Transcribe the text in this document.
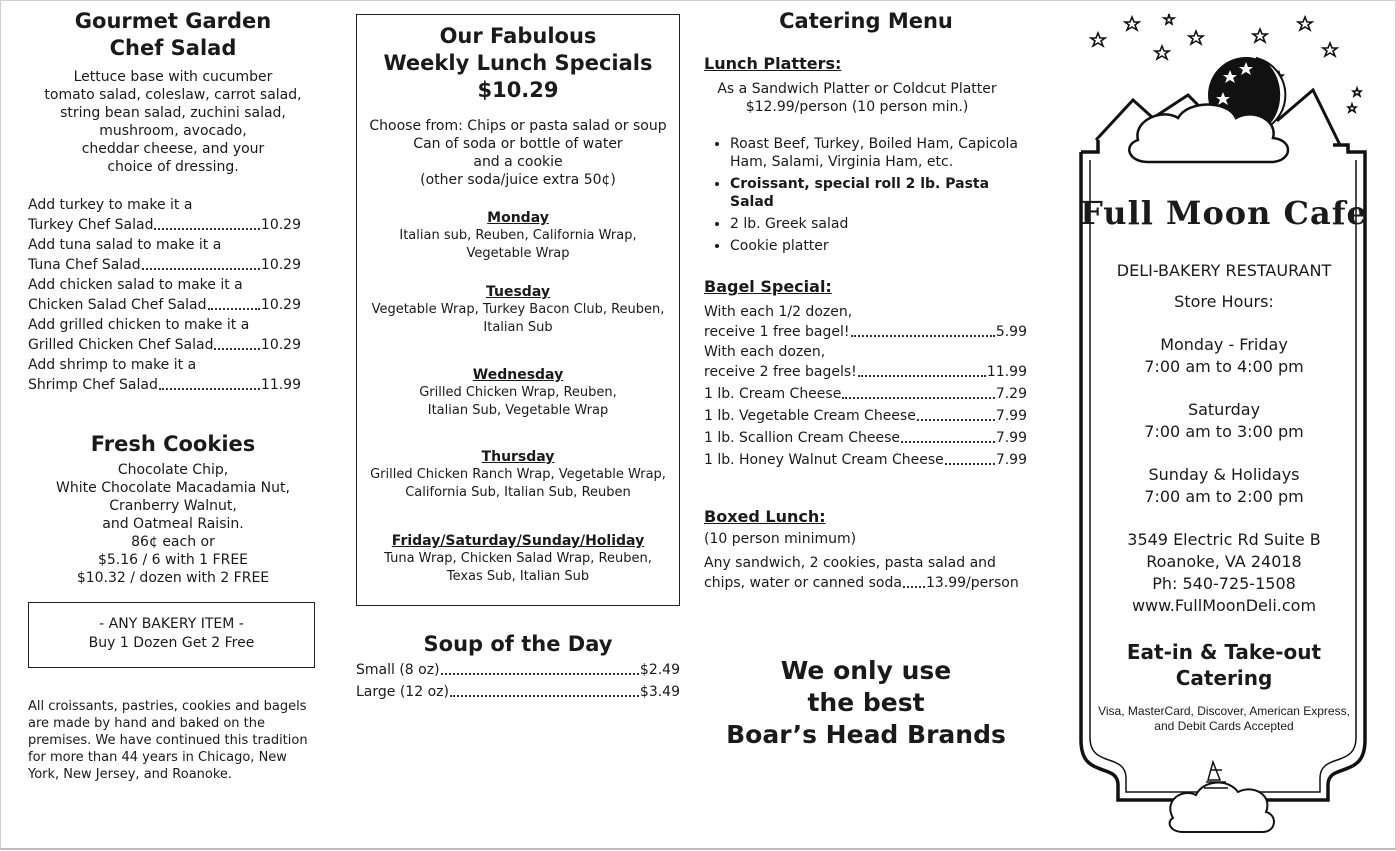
Gourmet Garden
Chef Salad
Lettuce base with cucumber
tomato salad, coleslaw, carrot salad,
string bean salad, zuchini salad,
mushroom, avocado,
cheddar cheese, and your
choice of dressing.
Add turkey to make it a
Turkey Chef Salad	10.29
Add tuna salad to make it a
Tuna Chef Salad	10.29
Add chicken salad to make it a
Chicken Salad Chef Salad	10.29
Add grilled chicken to make it a
Grilled Chicken Chef Salad	10.29
Add shrimp to make it a
Shrimp Chef Salad	11.99
Fresh Cookies
Chocolate Chip,
White Chocolate Macadamia Nut,
Cranberry Walnut,
and Oatmeal Raisin.
86¢ each or
$5.16 / 6 with 1 FREE
$10.32 / dozen with 2 FREE
- ANY BAKERY ITEM -
Buy 1 Dozen Get 2 Free
All croissants, pastries, cookies and bagels
are made by hand and baked on the
premises. We have continued this tradition
for more than 44 years in Chicago, New
York, New Jersey, and Roanoke.
Our Fabulous
Weekly Lunch Specials
$10.29
Choose from: Chips or pasta salad or soup
Can of soda or bottle of water
and a cookie
(other soda/juice extra 50¢)
Monday
Italian sub, Reuben, California Wrap,
Vegetable Wrap
Tuesday
Vegetable Wrap, Turkey Bacon Club, Reuben,
Italian Sub
Wednesday
Grilled Chicken Wrap, Reuben,
Italian Sub, Vegetable Wrap
Thursday
Grilled Chicken Ranch Wrap, Vegetable Wrap,
California Sub, Italian Sub, Reuben
Friday/Saturday/Sunday/Holiday
Tuna Wrap, Chicken Salad Wrap, Reuben,
Texas Sub, Italian Sub
Soup of the Day
Small (8 oz)	$2.49
Large (12 oz)	$3.49
Catering Menu
Lunch Platters:
As a Sandwich Platter or Coldcut Platter
$12.99/person (10 person min.)
• Roast Beef, Turkey, Boiled Ham, Capicola Ham, Salami, Virginia Ham, etc.
• Croissant, special roll 2 lb. Pasta Salad
• 2 lb. Greek salad
• Cookie platter
Bagel Special:
With each 1/2 dozen,
receive 1 free bagel!	5.99
With each dozen,
receive 2 free bagels!	11.99
1 lb. Cream Cheese	7.29
1 lb. Vegetable Cream Cheese	7.99
1 lb. Scallion Cream Cheese	7.99
1 lb. Honey Walnut Cream Cheese	7.99
Boxed Lunch:
(10 person minimum)
Any sandwich, 2 cookies, pasta salad and
chips, water or canned soda 13.99/person
We only use
the best
Boar’s Head Brands
Full Moon Cafe
DELI-BAKERY RESTAURANT
Store Hours:
Monday - Friday
7:00 am to 4:00 pm
Saturday
7:00 am to 3:00 pm
Sunday & Holidays
7:00 am to 2:00 pm
3549 Electric Rd Suite B
Roanoke, VA 24018
Ph: 540-725-1508
www.FullMoonDeli.com
Eat-in & Take-out
Catering
Visa, MasterCard, Discover, American Express,
and Debit Cards Accepted
